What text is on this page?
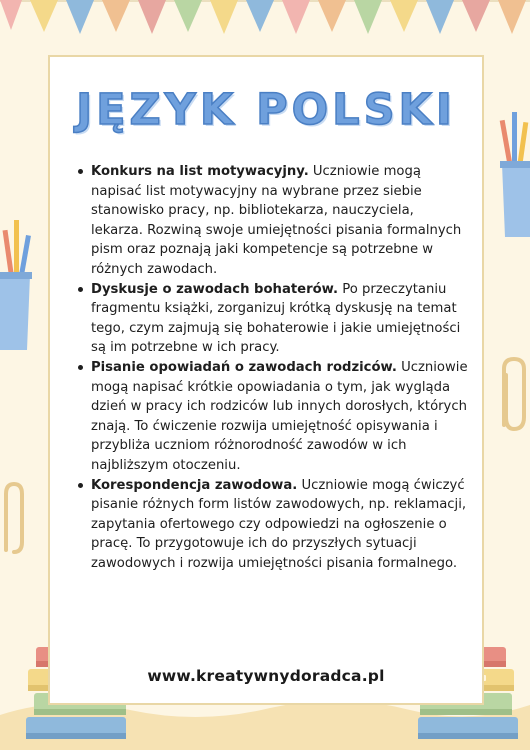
JĘZYK POLSKI
Konkurs na list motywacyjny. Uczniowie mogą napisać list motywacyjny na wybrane przez siebie stanowisko pracy, np. bibliotekarza, nauczyciela, lekarza. Rozwiną swoje umiejętności pisania formalnych pism oraz poznają jaki kompetencje są potrzebne w różnych zawodach.
Dyskusje o zawodach bohaterów. Po przeczytaniu fragmentu książki, zorganizuj krótką dyskusję na temat tego, czym zajmują się bohaterowie i jakie umiejętności są im potrzebne w ich pracy.
Pisanie opowiadań o zawodach rodziców. Uczniowie mogą napisać krótkie opowiadania o tym, jak wygląda dzień w pracy ich rodziców lub innych dorosłych, których znają. To ćwiczenie rozwija umiejętność opisywania i przybliża uczniom różnorodność zawodów w ich najbliższym otoczeniu.
Korespondencja zawodowa. Uczniowie mogą ćwiczyć pisanie różnych form listów zawodowych, np. reklamacji, zapytania ofertowego czy odpowiedzi na ogłoszenie o pracę. To przygotowuje ich do przyszłych sytuacji zawodowych i rozwija umiejętności pisania formalnego.
www.kreatywnydoradca.pl
